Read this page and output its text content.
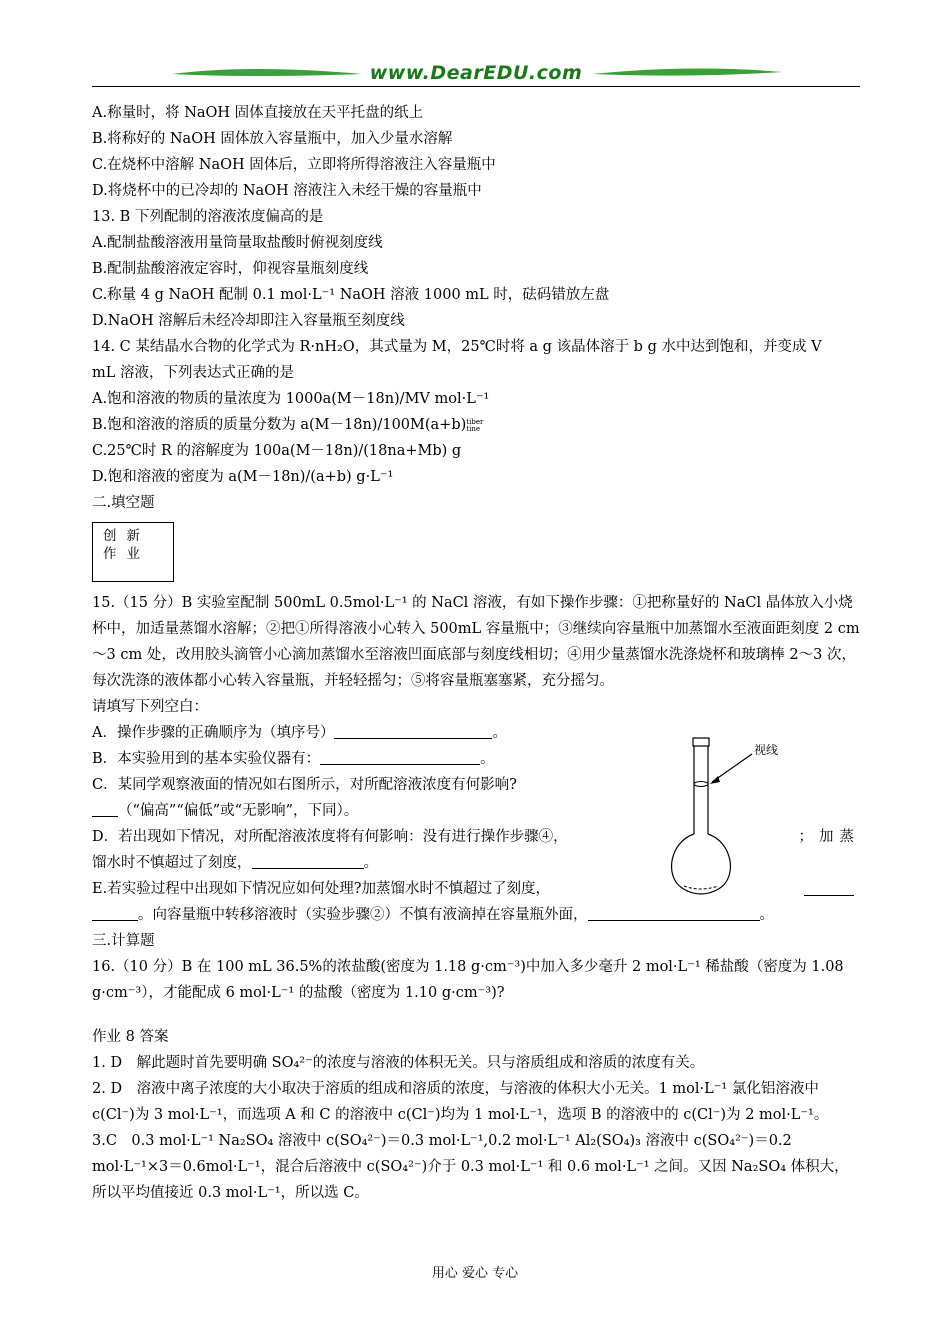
www.DearEDU.com
A.称量时，将 NaOH 固体直接放在天平托盘的纸上
B.将称好的 NaOH 固体放入容量瓶中，加入少量水溶解
C.在烧杯中溶解 NaOH 固体后，立即将所得溶液注入容量瓶中
D.将烧杯中的已冷却的 NaOH 溶液注入未经干燥的容量瓶中
13. B 下列配制的溶液浓度偏高的是
A.配制盐酸溶液用量筒量取盐酸时俯视刻度线
B.配制盐酸溶液定容时，仰视容量瓶刻度线
C.称量 4 g NaOH 配制 0.1 mol·L⁻¹ NaOH 溶液 1000 mL 时，砝码错放左盘
D.NaOH 溶解后未经冷却即注入容量瓶至刻度线
14. C 某结晶水合物的化学式为 R·nH₂O，其式量为 M，25℃时将 a g 该晶体溶于 b g 水中达到饱和，并变成 V
mL 溶液，下列表达式正确的是
A.饱和溶液的物质的量浓度为 1000a(M－18n)/MV mol·L⁻¹
B.饱和溶液的溶质的质量分数为 a(M－18n)/100M(a+b)tiber
tine
C.25℃时 R 的溶解度为 100a(M－18n)/(18na+Mb) g
D.饱和溶液的密度为 a(M－18n)/(a+b) g·L⁻¹
二.填空题
创新
作业
15.（15 分）B 实验室配制 500mL 0.5mol·L⁻¹ 的 NaCl 溶液，有如下操作步骤：①把称量好的 NaCl 晶体放入小烧杯中，加适量蒸馏水溶解；②把①所得溶液小心转入 500mL 容量瓶中；③继续向容量瓶中加蒸馏水至液面距刻度 2 cm～3 cm 处，改用胶头滴管小心滴加蒸馏水至溶液凹面底部与刻度线相切；④用少量蒸馏水洗涤烧杯和玻璃棒 2～3 次，每次洗涤的液体都小心转入容量瓶，并轻轻摇匀；⑤将容量瓶塞塞紧，充分摇匀。
请填写下列空白：
A．操作步骤的正确顺序为（填序号）	。
B．本实验用到的基本实验仪器有：	。
C．某同学观察液面的情况如右图所示，对所配溶液浓度有何影响?
（“偏高”“偏低”或“无影响”，下同）。
D．若出现如下情况，对所配溶液浓度将有何影响：没有进行操作步骤④，	；加蒸
馏水时不慎超过了刻度，	。
E.若实验过程中出现如下情况应如何处理?加蒸馏水时不慎超过了刻度，
。向容量瓶中转移溶液时（实验步骤②）不慎有液滴掉在容量瓶外面，	。
三.计算题
16.（10 分）B 在 100 mL 36.5%的浓盐酸(密度为 1.18 g·cm⁻³)中加入多少毫升 2 mol·L⁻¹ 稀盐酸（密度为 1.08 g·cm⁻³），才能配成 6 mol·L⁻¹ 的盐酸（密度为 1.10 g·cm⁻³)?
作业 8 答案
1. D　解此题时首先要明确 SO₄²⁻的浓度与溶液的体积无关。只与溶质组成和溶质的浓度有关。
2. D　溶液中离子浓度的大小取决于溶质的组成和溶质的浓度，与溶液的体积大小无关。1 mol·L⁻¹ 氯化铝溶液中 c(Cl⁻)为 3 mol·L⁻¹，而选项 A 和 C 的溶液中 c(Cl⁻)均为 1 mol·L⁻¹，选项 B 的溶液中的 c(Cl⁻)为 2 mol·L⁻¹。
3.C　0.3 mol·L⁻¹ Na₂SO₄ 溶液中 c(SO₄²⁻)＝0.3 mol·L⁻¹,0.2 mol·L⁻¹ Al₂(SO₄)₃ 溶液中 c(SO₄²⁻)＝0.2 mol·L⁻¹×3＝0.6mol·L⁻¹，混合后溶液中 c(SO₄²⁻)介于 0.3 mol·L⁻¹ 和 0.6 mol·L⁻¹ 之间。又因 Na₂SO₄ 体积大，所以平均值接近 0.3 mol·L⁻¹，所以选 C。
视线
用心 爱心 专心
